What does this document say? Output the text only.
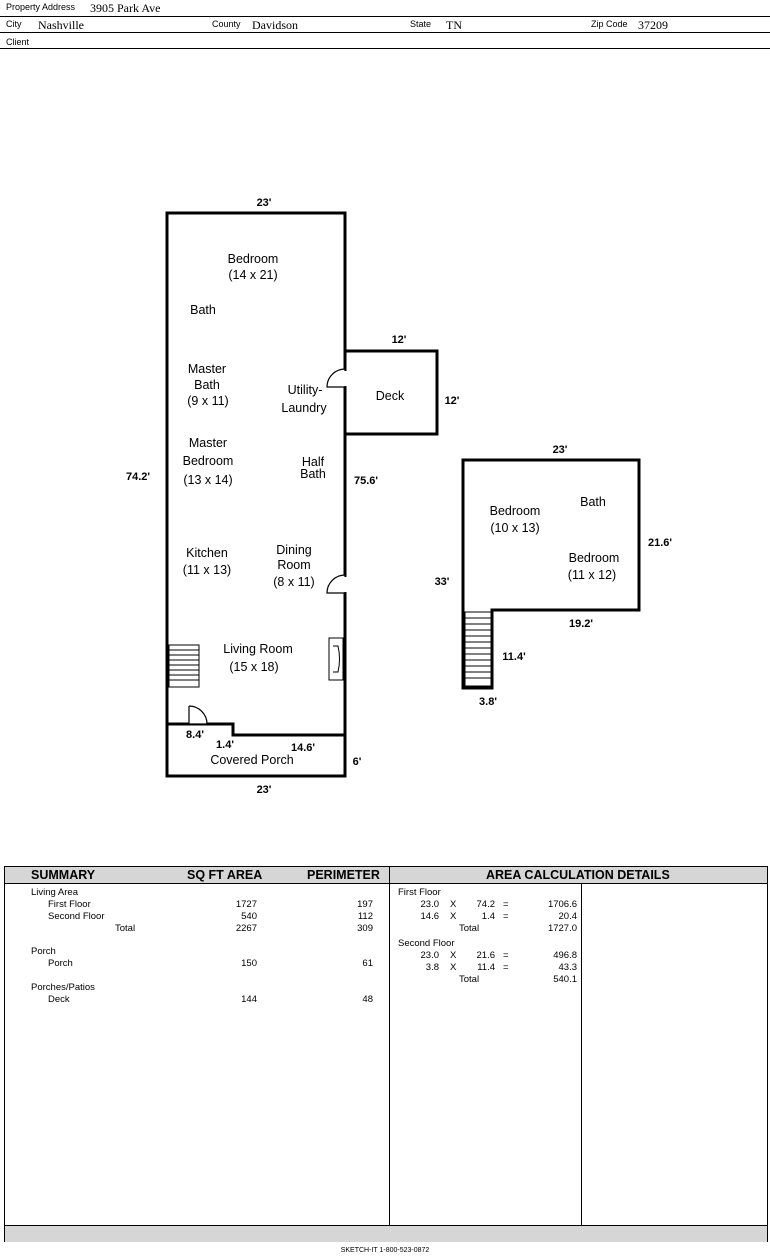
Property Address 3905 Park Ave
City Nashville	County Davidson	State TN	Zip Code 37209
Client
23'
74.2'	75.6'
23'
6'
8.4'
1.4'	14.6'
12'
12'
23'
21.6'
33'
19.2'
11.4'
3.8'
Bedroom
(14 x 21)
Bath
Master
Bath
(9 x 11)
Utility-
Laundry
Master
Bedroom
(13 x 14)
Half
Bath
Kitchen
(11 x 13)
Dining
Room
(8 x 11)
Living Room
(15 x 18)
Covered Porch
Deck
Bedroom
(10 x 13)
Bath
Bedroom
(11 x 12)
SUMMARY	SQ FT AREA	PERIMETER	AREA CALCULATION DETAILS
Living Area
First Floor	1727	197
Second Floor	540	112
Total	2267	309
Porch
Porch	150	61
Porches/Patios
Deck	144	48
First Floor
23.0 X	74.2 =	1706.6
14.6 X	1.4 =	20.4
Total	1727.0
Second Floor
23.0 X	21.6 =	496.8
3.8 X	11.4 =	43.3
Total	540.1
SKETCH-IT 1-800-523-0872
